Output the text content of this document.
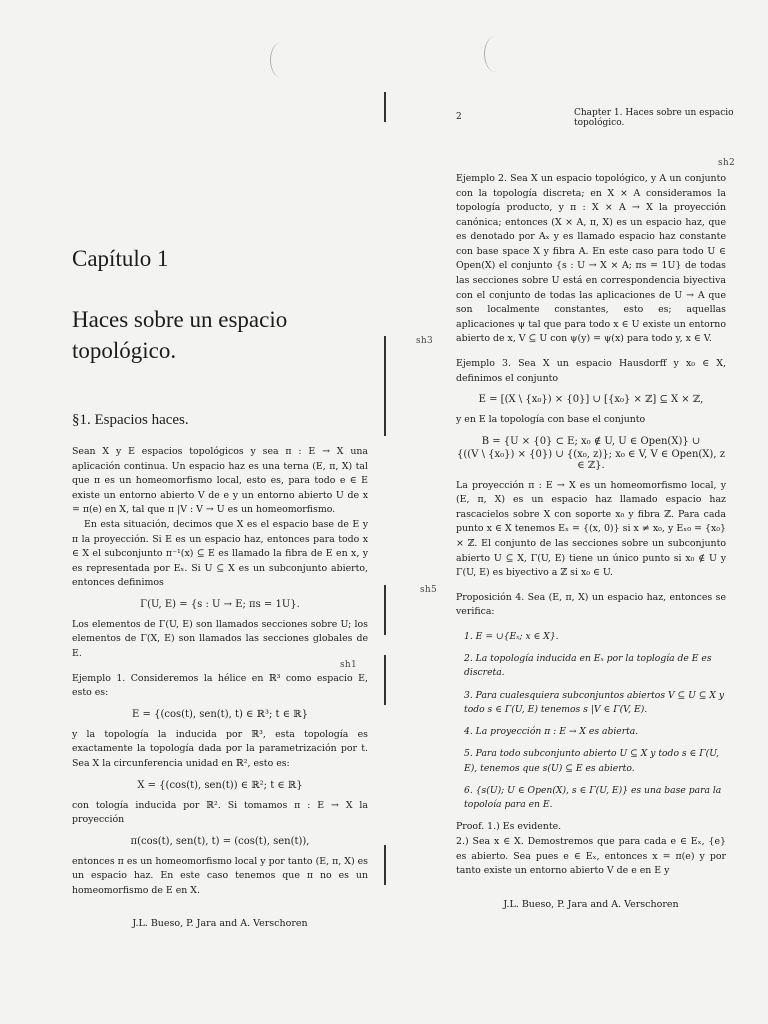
sh2
sh3
sh5
sh1
Capítulo 1
Haces sobre un espacio
topológico.
§1. Espacios haces.

Sean X y E espacios topológicos y sea π : E → X una aplicación continua. Un espacio haz es una terna (E, π, X) tal que π es un homeomorfismo local, esto es, para todo e ∈ E existe un entorno abierto V de e y un entorno abierto U de x = π(e) en X, tal que π |V : V → U es un homeomorfismo.

En esta situación, decimos que X es el espacio base de E y π la proyección. Si E es un espacio haz, entonces para todo x ∈ X el subconjunto π⁻¹(x) ⊆ E es llamado la fibra de E en x, y es representada por Eₓ. Si U ⊆ X es un subconjunto abierto, entonces definimos

Γ(U, E) = {s : U → E; πs = 1U}.

Los elementos de Γ(U, E) son llamados secciones sobre U; los elementos de Γ(X, E) son llamados las secciones globales de E.

Ejemplo 1. Consideremos la hélice en ℝ³ como espacio E, esto es:

E = {(cos(t), sen(t), t) ∈ ℝ³; t ∈ ℝ}

y la topología la inducida por ℝ³, esta topología es exactamente la topología dada por la parametrización por t. Sea X la circunferencia unidad en ℝ², esto es:

X = {(cos(t), sen(t)) ∈ ℝ²; t ∈ ℝ}

con tología inducida por ℝ². Si tomamos π : E → X la proyección

π(cos(t), sen(t), t) = (cos(t), sen(t)),

entonces π es un homeomorfismo local y por tanto (E, π, X) es un espacio haz. En este caso tenemos que π no es un homeomorfismo de E en X.

J.L. Bueso, P. Jara and A. Verschoren
2	Chapter 1. Haces sobre un espacio topológico.

Ejemplo 2. Sea X un espacio topológico, y A un conjunto con la topología discreta; en X × A consideramos la topología producto, y π : X × A → X la proyección canónica; entonces (X × A, π, X) es un espacio haz, que es denotado por Aₓ y es llamado espacio haz constante con base space X y fibra A. En este caso para todo U ∈ Open(X) el conjunto {s : U → X × A; πs = 1U} de todas las secciones sobre U está en correspondencia biyectiva con el conjunto de todas las aplicaciones de U → A que son localmente constantes, esto es; aquellas aplicaciones ψ tal que para todo x ∈ U existe un entorno abierto de x, V ⊆ U con ψ(y) = ψ(x) para todo y, x ∈ V.

Ejemplo 3. Sea X un espacio Hausdorff y x₀ ∈ X, definimos el conjunto

E = [(X \ {x₀}) × {0}] ∪ [{x₀} × ℤ] ⊆ X × ℤ,

y en E la topología con base el conjunto

B = {U × {0} ⊂ E; x₀ ∉ U, U ∈ Open(X)} ∪
{((V \ {x₀}) × {0}) ∪ {(x₀, z)}; x₀ ∈ V, V ∈ Open(X), z ∈ ℤ}.

La proyección π : E → X es un homeomorfismo local, y (E, π, X) es un espacio haz llamado espacio haz rascacielos sobre X con soporte x₀ y fibra ℤ. Para cada punto x ∈ X tenemos Eₓ = {(x, 0)} si x ≠ x₀, y Eₓ₀ = {x₀} × ℤ. El conjunto de las secciones sobre un subconjunto abierto U ⊆ X, Γ(U, E) tiene un único punto si x₀ ∉ U y Γ(U, E) es biyectivo a ℤ si x₀ ∈ U.

Proposición 4. Sea (E, π, X) un espacio haz, entonces se verifica:

1. E = ∪{Eₓ; x ∈ X}.
2. La topología inducida en Eₓ por la toplogía de E es discreta.
3. Para cualesquiera subconjuntos abiertos V ⊆ U ⊆ X y todo s ∈ Γ(U, E) tenemos s |V ∈ Γ(V, E).
4. La proyección π : E → X es abierta.
5. Para todo subconjunto abierto U ⊆ X y todo s ∈ Γ(U, E), tenemos que s(U) ⊆ E es abierto.
6. {s(U); U ∈ Open(X), s ∈ Γ(U, E)} es una base para la topoloía para en E.

Proof. 1.) Es evidente.

2.) Sea x ∈ X. Demostremos que para cada e ∈ Eₓ, {e} es abierto. Sea pues e ∈ Eₓ, entonces x = π(e) y por tanto existe un entorno abierto V de e en E y

J.L. Bueso, P. Jara and A. Verschoren
